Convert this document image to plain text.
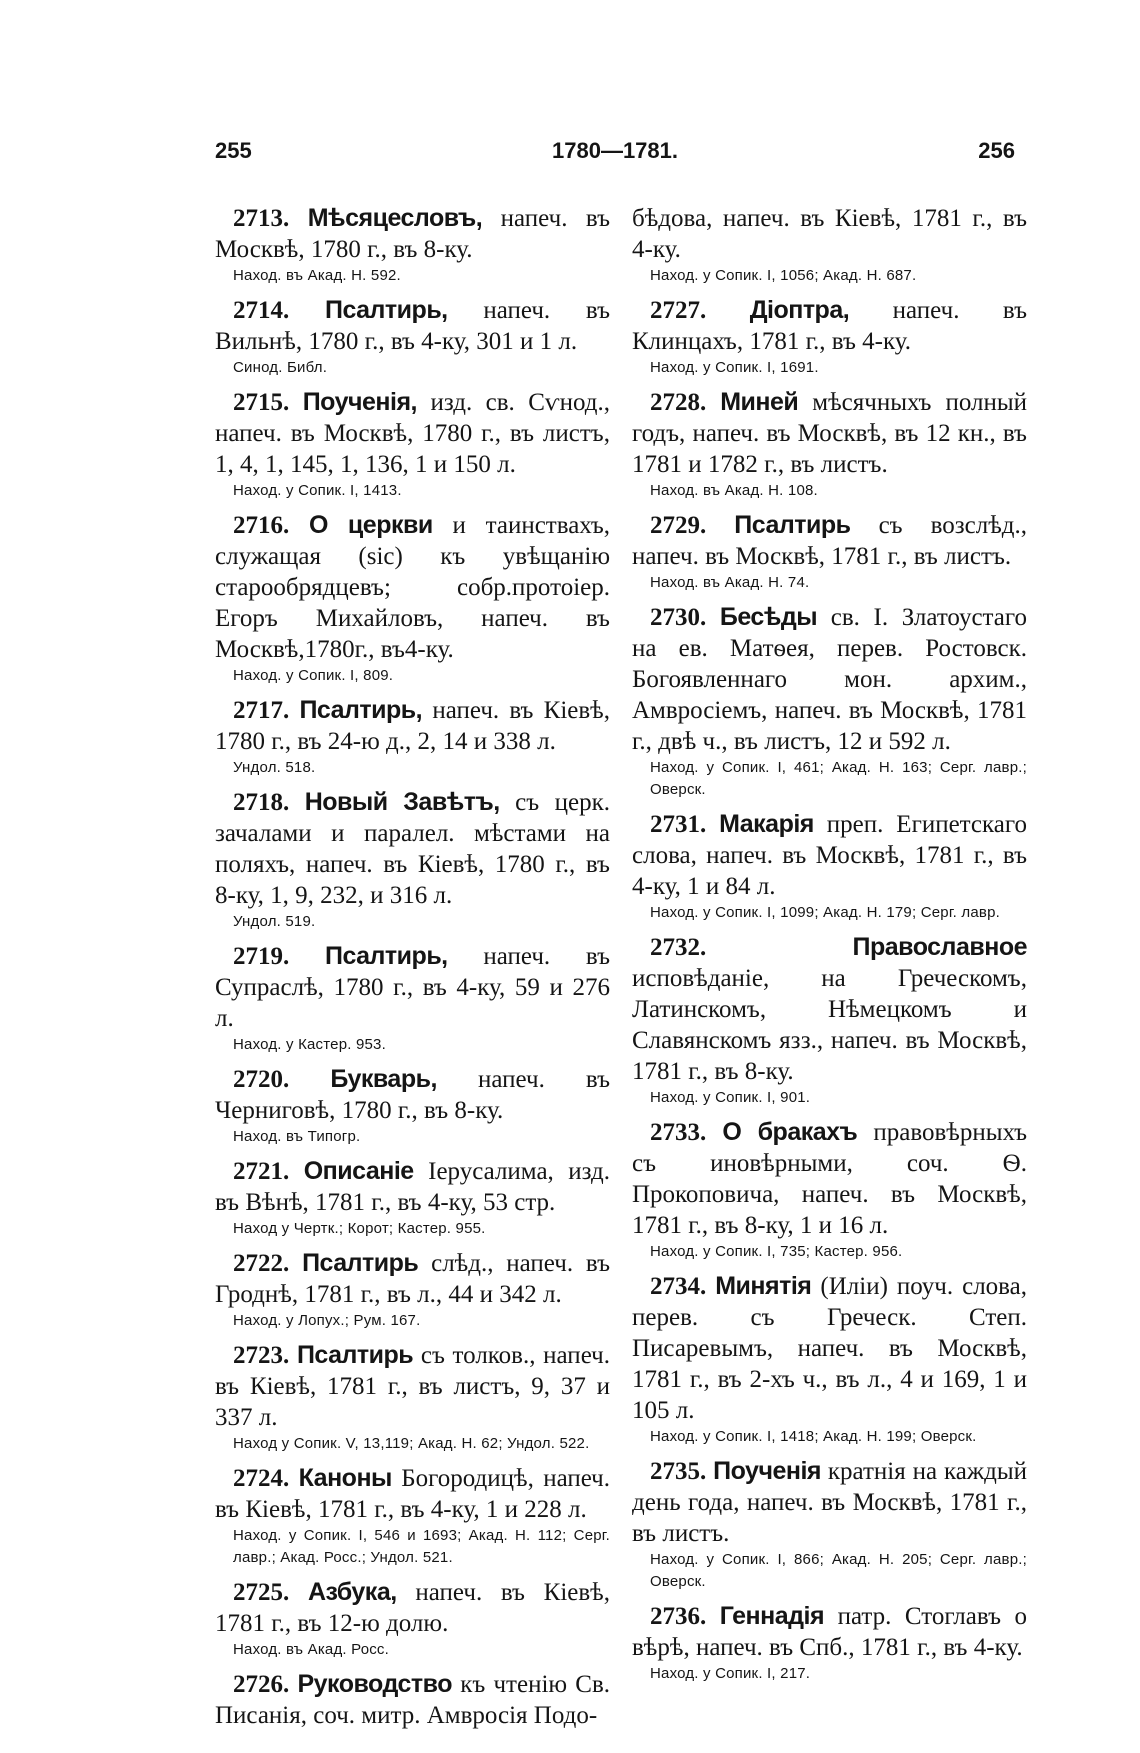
255	1780—1781.	256
2713. Мѣсяцесловъ, напеч. въ Москвѣ, 1780 г., въ 8-ку.
Наход. въ Акад. Н. 592.
2714. Псалтирь, напеч. въ Вильнѣ, 1780 г., въ 4-ку, 301 и 1 л.
Синод. Библ.
2715. Поученія, изд. св. Сѵнод., напеч. въ Москвѣ, 1780 г., въ листъ, 1, 4, 1, 145, 1, 136, 1 и 150 л.
Наход. у Сопик. I, 1413.
2716. О церкви и таинствахъ, служащая (sic) къ увѣщанію старообрядцевъ; собр.протоіер. Егоръ Михайловъ, напеч. въ Москвѣ,1780г., въ4-ку.
Наход. у Сопик. I, 809.
2717. Псалтирь, напеч. въ Кіевѣ, 1780 г., въ 24-ю д., 2, 14 и 338 л.
Ундол. 518.
2718. Новый Завѣтъ, съ церк. зачалами и паралел. мѣстами на поляхъ, напеч. въ Кіевѣ, 1780 г., въ 8-ку, 1, 9, 232, и 316 л.
Ундол. 519.
2719. Псалтирь, напеч. въ Супраслѣ, 1780 г., въ 4-ку, 59 и 276 л.
Наход. у Кастер. 953.
2720. Букварь, напеч. въ Черниговѣ, 1780 г., въ 8-ку.
Наход. въ Типогр.
2721. Описаніе Іерусалима, изд. въ Вѣнѣ, 1781 г., въ 4-ку, 53 стр.
Наход у Чертк.; Корот; Кастер. 955.
2722. Псалтирь слѣд., напеч. въ Гроднѣ, 1781 г., въ л., 44 и 342 л.
Наход. у Лопух.; Рум. 167.
2723. Псалтирь съ толков., напеч. въ Кіевѣ, 1781 г., въ листъ, 9, 37 и 337 л.
Наход у Сопик. V, 13,119; Акад. Н. 62; Ундол. 522.
2724. Каноны Богородицѣ, напеч. въ Кіевѣ, 1781 г., въ 4-ку, 1 и 228 л.
Наход. у Сопик. I, 546 и 1693; Акад. Н. 112; Серг. лавр.; Акад. Росс.; Ундол. 521.
2725. Азбука, напеч. въ Кіевѣ, 1781 г., въ 12-ю долю.
Наход. въ Акад. Росс.
2726. Руководство къ чтенію Св. Писанія, соч. митр. Амвросія Подо-
бѣдова, напеч. въ Кіевѣ, 1781 г., въ 4-ку.
Наход. у Сопик. I, 1056; Акад. Н. 687.
2727. Діоптра, напеч. въ Клинцахъ, 1781 г., въ 4-ку.
Наход. у Сопик. I, 1691.
2728. Миней мѣсячныхъ полный годъ, напеч. въ Москвѣ, въ 12 кн., въ 1781 и 1782 г., въ листъ.
Наход. въ Акад. Н. 108.
2729. Псалтирь съ возслѣд., напеч. въ Москвѣ, 1781 г., въ листъ.
Наход. въ Акад. Н. 74.
2730. Бесѣды св. I. Златоустаго на ев. Матѳея, перев. Ростовск. Богоявленнаго мон. архим., Амвросіемъ, напеч. въ Москвѣ, 1781 г., двѣ ч., въ листъ, 12 и 592 л.
Наход. у Сопик. I, 461; Акад. Н. 163; Серг. лавр.; Оверск.
2731. Макарія преп. Египетскаго слова, напеч. въ Москвѣ, 1781 г., въ 4-ку, 1 и 84 л.
Наход. у Сопик. I, 1099; Акад. Н. 179; Серг. лавр.
2732.	Православное исповѣданіе, на Греческомъ, Латинскомъ, Нѣмецкомъ и Славянскомъ язз., напеч. въ Москвѣ, 1781 г., въ 8-ку.
Наход. у Сопик. I, 901.
2733. О бракахъ правовѣрныхъ съ иновѣрными, соч. Ѳ. Прокоповича, напеч. въ Москвѣ, 1781 г., въ 8-ку, 1 и 16 л.
Наход. у Сопик. I, 735; Кастер. 956.
2734. Минятія (Иліи) поуч. слова, перев. съ Греческ. Степ. Писаревымъ, напеч. въ Москвѣ, 1781 г., въ 2-хъ ч., въ л., 4 и 169, 1 и 105 л.
Наход. у Сопик. I, 1418; Акад. Н. 199; Оверск.
2735. Поученія кратнія на каждый день года, напеч. въ Москвѣ, 1781 г., въ листъ.
Наход. у Сопик. I, 866; Акад. Н. 205; Серг. лавр.; Оверск.
2736. Геннадія патр. Стоглавъ о вѣрѣ, напеч. въ Спб., 1781 г., въ 4-ку.
Наход. у Сопик. I, 217.
